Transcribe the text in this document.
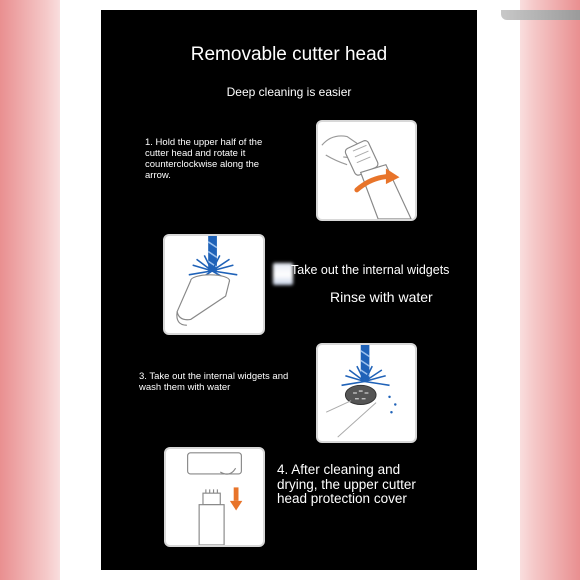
Removable cutter head
Deep cleaning is easier
1. Hold the upper half of the cutter head and rotate it counterclockwise along the arrow.
Take out the internal widgets
Rinse with water
3. Take out the internal widgets and wash them with water
4. After cleaning and drying, the upper cutter head protection cover
